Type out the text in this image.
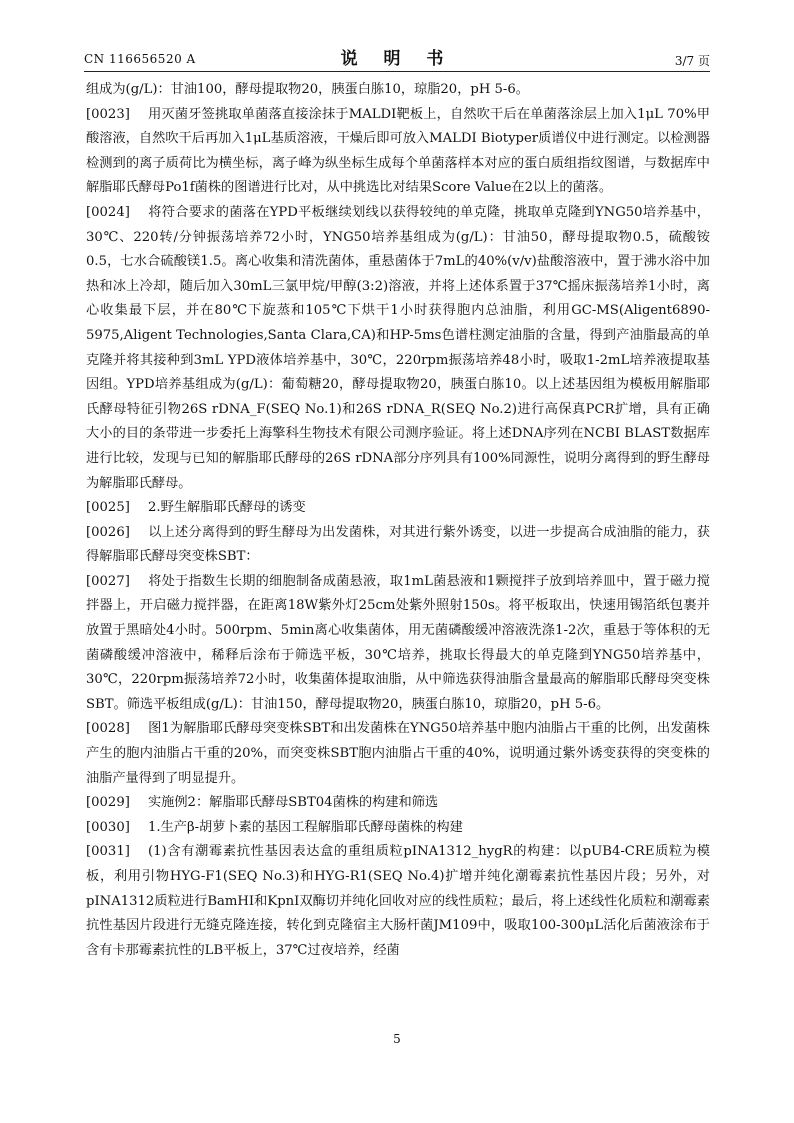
CN 116656520 A	说 明 书	3/7 页

组成为(g/L)：甘油100，酵母提取物20，胰蛋白胨10，琼脂20，pH 5-6。

[0023] 用灭菌牙签挑取单菌落直接涂抹于MALDI靶板上，自然吹干后在单菌落涂层上加入1μL 70%甲酸溶液，自然吹干后再加入1μL基质溶液，干燥后即可放入MALDI Biotyper质谱仪中进行测定。以检测器检测到的离子质荷比为横坐标，离子峰为纵坐标生成每个单菌落样本对应的蛋白质组指纹图谱，与数据库中解脂耶氏酵母Po1f菌株的图谱进行比对，从中挑选比对结果Score Value在2以上的菌落。

[0024] 将符合要求的菌落在YPD平板继续划线以获得较纯的单克隆，挑取单克隆到YNG50培养基中，30℃、220转/分钟振荡培养72小时，YNG50培养基组成为(g/L)：甘油50，酵母提取物0.5，硫酸铵0.5，七水合硫酸镁1.5。离心收集和清洗菌体，重悬菌体于7mL的40%(v/v)盐酸溶液中，置于沸水浴中加热和冰上冷却，随后加入30mL三氯甲烷/甲醇(3:2)溶液，并将上述体系置于37℃摇床振荡培养1小时，离心收集最下层，并在80℃下旋蒸和105℃下烘干1小时获得胞内总油脂，利用GC-MS(Aligent6890-5975,Aligent Technologies,Santa Clara,CA)和HP-5ms色谱柱测定油脂的含量，得到产油脂最高的单克隆并将其接种到3mL YPD液体培养基中，30℃，220rpm振荡培养48小时，吸取1-2mL培养液提取基因组。YPD培养基组成为(g/L)：葡萄糖20，酵母提取物20，胰蛋白胨10。以上述基因组为模板用解脂耶氏酵母特征引物26S rDNA_F(SEQ No.1)和26S rDNA_R(SEQ No.2)进行高保真PCR扩增，具有正确大小的目的条带进一步委托上海擎科生物技术有限公司测序验证。将上述DNA序列在NCBI BLAST数据库进行比较，发现与已知的解脂耶氏酵母的26S rDNA部分序列具有100%同源性，说明分离得到的野生酵母为解脂耶氏酵母。

[0025] 2.野生解脂耶氏酵母的诱变

[0026] 以上述分离得到的野生酵母为出发菌株，对其进行紫外诱变，以进一步提高合成油脂的能力，获得解脂耶氏酵母突变株SBT：

[0027] 将处于指数生长期的细胞制备成菌悬液，取1mL菌悬液和1颗搅拌子放到培养皿中，置于磁力搅拌器上，开启磁力搅拌器，在距离18W紫外灯25cm处紫外照射150s。将平板取出，快速用锡箔纸包裹并放置于黑暗处4小时。500rpm、5min离心收集菌体，用无菌磷酸缓冲溶液洗涤1-2次，重悬于等体积的无菌磷酸缓冲溶液中，稀释后涂布于筛选平板，30℃培养，挑取长得最大的单克隆到YNG50培养基中，30℃，220rpm振荡培养72小时，收集菌体提取油脂，从中筛选获得油脂含量最高的解脂耶氏酵母突变株SBT。筛选平板组成(g/L)：甘油150，酵母提取物20，胰蛋白胨10，琼脂20，pH 5-6。

[0028] 图1为解脂耶氏酵母突变株SBT和出发菌株在YNG50培养基中胞内油脂占干重的比例，出发菌株产生的胞内油脂占干重的20%，而突变株SBT胞内油脂占干重的40%，说明通过紫外诱变获得的突变株的油脂产量得到了明显提升。

[0029] 实施例2：解脂耶氏酵母SBT04菌株的构建和筛选

[0030] 1.生产β-胡萝卜素的基因工程解脂耶氏酵母菌株的构建

[0031] (1)含有潮霉素抗性基因表达盒的重组质粒pINA1312_hygR的构建：以pUB4-CRE质粒为模板，利用引物HYG-F1(SEQ No.3)和HYG-R1(SEQ No.4)扩增并纯化潮霉素抗性基因片段；另外，对pINA1312质粒进行BamHI和KpnI双酶切并纯化回收对应的线性质粒；最后，将上述线性化质粒和潮霉素抗性基因片段进行无缝克隆连接，转化到克隆宿主大肠杆菌JM109中，吸取100-300μL活化后菌液涂布于含有卡那霉素抗性的LB平板上，37℃过夜培养，经菌

5
